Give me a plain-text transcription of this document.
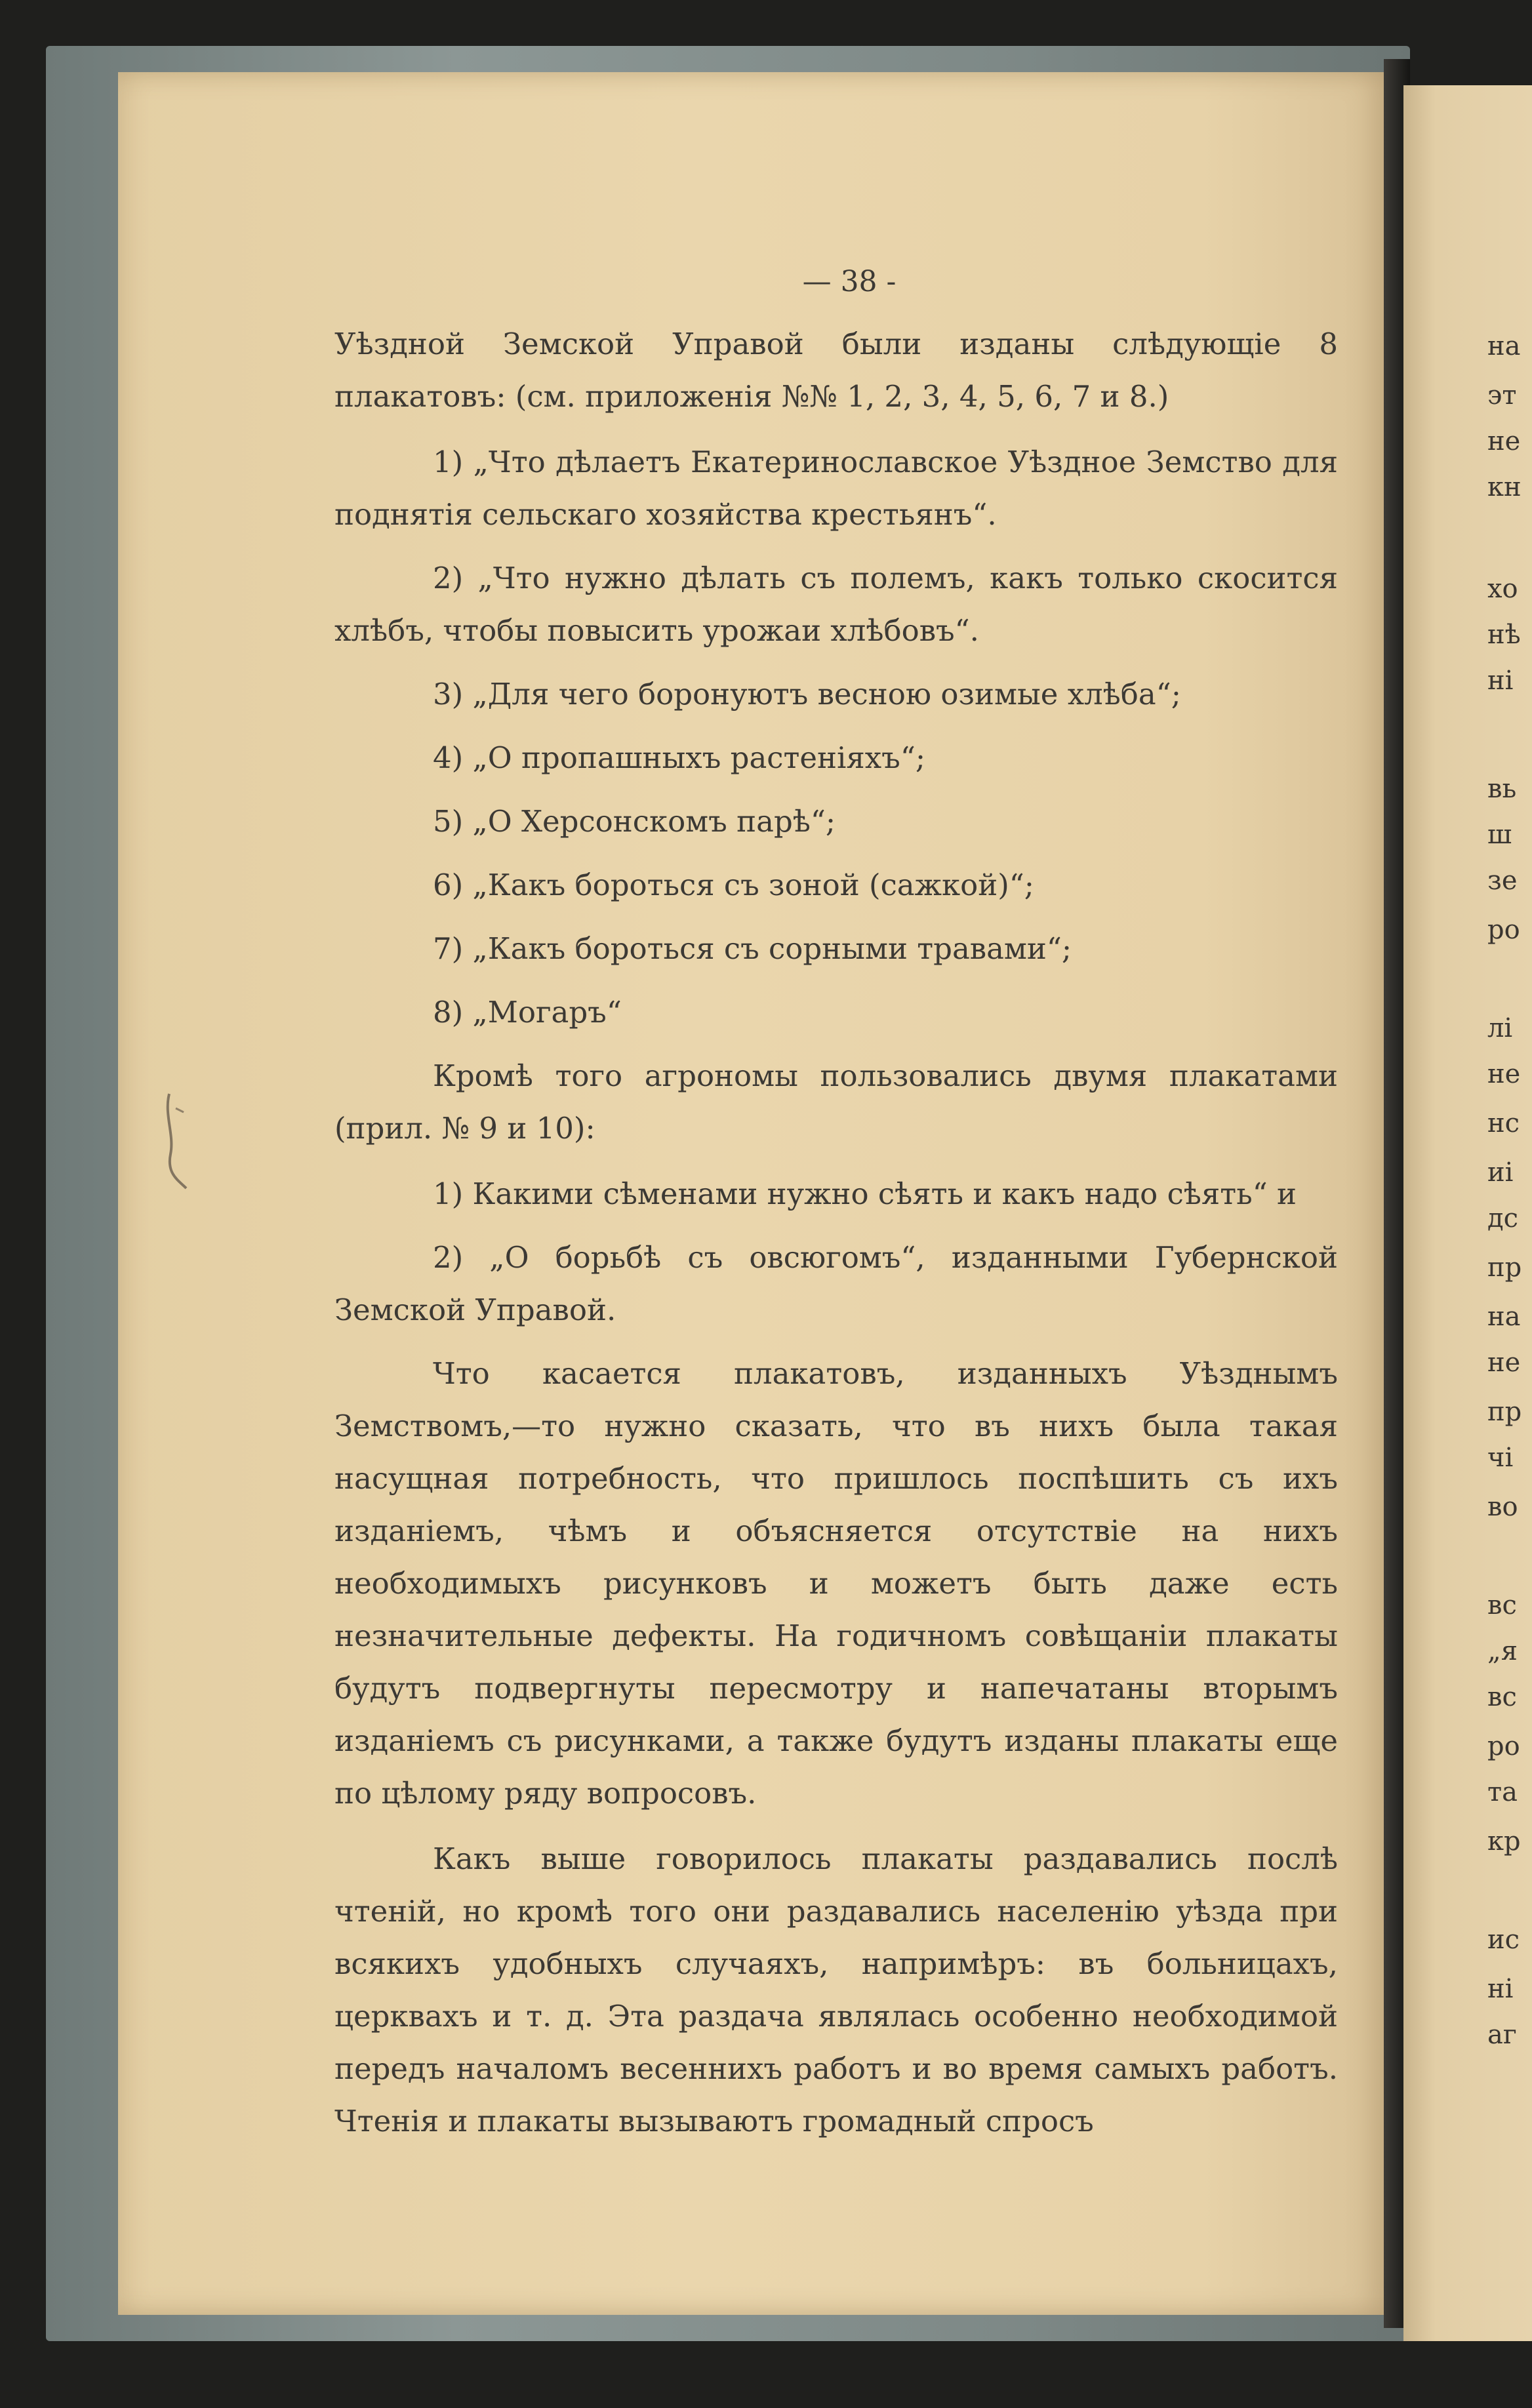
на
эт
не
кн
хо
нѣ
ні
вь
ш
зе
ро
лі
не
нс
иі
дс
пр
на
не
пр
чі
во
вс
„я
вс
ро
та
кр
ис
ні
аг
— 38 -

Уѣздной Земской Управой были изданы слѣдующіе 8 плакатовъ: (см. приложенія №№ 1, 2, 3, 4, 5, 6, 7 и 8.)

1) „Что дѣлаетъ Екатеринославское Уѣздное Земство для поднятія сельскаго хозяйства крестьянъ“.

2) „Что нужно дѣлать съ полемъ, какъ только скосится хлѣбъ, чтобы повысить урожаи хлѣбовъ“.

3) „Для чего боронуютъ весною озимые хлѣба“;

4) „О пропашныхъ растеніяхъ“;

5) „О Херсонскомъ парѣ“;

6) „Какъ бороться съ зоной (сажкой)“;

7) „Какъ бороться съ сорными травами“;

8) „Могаръ“

Кромѣ того агрономы пользовались двумя плакатами (прил. № 9 и 10):

1) Какими сѣменами нужно сѣять и какъ надо сѣять“ и

2) „О борьбѣ съ овсюгомъ“, изданными Губернской Земской Управой.

Что касается плакатовъ, изданныхъ Уѣзднымъ Земствомъ,—то нужно сказать, что въ нихъ была такая насущная потребность, что пришлось поспѣшить съ ихъ изданіемъ, чѣмъ и объясняется отсутствіе на нихъ необходимыхъ рисунковъ и можетъ быть даже есть незначительные дефекты. На годичномъ совѣщаніи плакаты будутъ подвергнуты пересмотру и напечатаны вторымъ изданіемъ съ рисунками, а также будутъ изданы плакаты еще по цѣлому ряду вопросовъ.

Какъ выше говорилось плакаты раздавались послѣ чтеній, но кромѣ того они раздавались населенію уѣзда при всякихъ удобныхъ случаяхъ, напримѣръ: въ больницахъ, церквахъ и т. д. Эта раздача являлась особенно необходимой передъ началомъ весеннихъ работъ и во время самыхъ работъ. Чтенія и плакаты вызываютъ громадный спросъ
